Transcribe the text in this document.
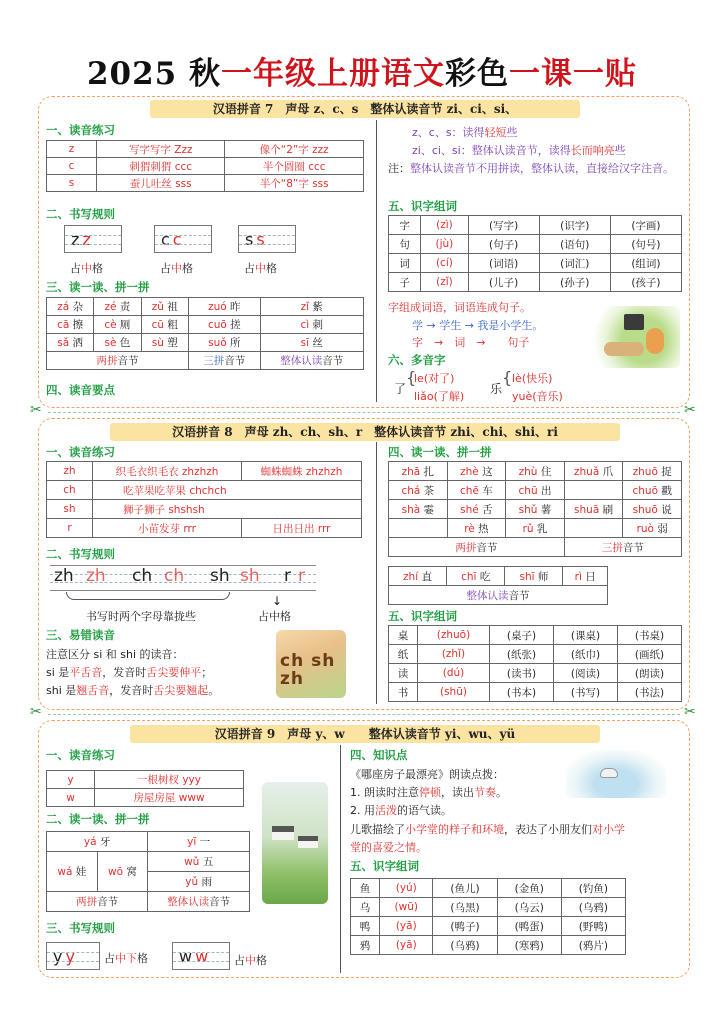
2025 秋一年级上册语文彩色一课一贴
汉语拼音 7　声母 z、c、s　整体认读音节 zi、ci、si、
一、读音练习
z	写字写字 Zzz	像个“2”字 zzz
c	刺猬刺猬 ccc	半个圆圈 ccc
s	蚕儿吐丝 sss	半个“8”字 sss
二、书写规则
zz
占中格
cc
占中格
ss
占中格
三、读一读、拼一拼
zá 杂	zé 责	zǔ 祖	zuó 昨	zǐ 紫
cā 擦	cè 厕	cū 粗	cuō 搓	cì 刺
sǎ 洒	sè 色	sù 塑	suǒ 所	sī 丝
两拼音节			三拼音节	整体认读音节
四、读音要点
z、c、s：读得轻短些
zi、ci、si：整体认读音节，读得长而响亮些
注：整体认读音节不用拼读，整体认读，直接给汉字注音。
五、识字组词
字	(zì)	(写字)	(识字)	(字画)
句	(jù)	(句子)	(语句)	(句号)
词	(cí)	(词语)	(词汇)	(组词)
子	(zǐ)	(儿子)	(孙子)	(孩子)
字组成词语，词语连成句子。
学 → 学生 → 我是小学生。
字　→　词　→　　句子
六、多音字
了
{
le(对了)
liǎo(了解)
乐
{ lè(快乐)
yuè(音乐)
✂	✂
汉语拼音 8　声母 zh、ch、sh、r　整体认读音节 zhi、chi、shi、ri
一、读音练习
zh	织毛衣织毛衣 zhzhzh	蜘蛛蜘蛛 zhzhzh
ch	吃苹果吃苹果 chchch	
sh	狮子狮子 shshsh	
r	小苗发芽 rrr	日出日出 rrr
二、书写规则
zh zh ch ch sh sh r r
书写时两个字母靠拢些
↓
占中格
三、易错读音
注意区分 si 和 shi 的读音：
si 是平舌音，发音时舌尖要伸平；
shi 是翘舌音，发音时舌尖要翘起。
ch sh zh
四、读一读、拼一拼
zhā 扎	zhè 这	zhù 住	zhuǎ 爪	zhuō 捉
chá 茶	chē 车	chū 出		chuō 戳
shà 霎	shé 舌	shǔ 薯	shuā 刷	shuō 说
	rè 热	rǔ 乳		ruò 弱
两拼音节			三拼音节	
zhí 直	chī 吃	shī 师	rì 日
整体认读音节
五、识字组词
桌	(zhuō)	(桌子)	(课桌)	(书桌)
纸	(zhǐ)	(纸张)	(纸巾)	(画纸)
读	(dú)	(读书)	(阅读)	(朗读)
书	(shū)	(书本)	(书写)	(书法)
✂	✂
汉语拼音 9　声母 y、w　　整体认读音节 yi、wu、yü
一、读音练习
y	一根树杈 yyy
w	房屋房屋 www
二、读一读、拼一拼
yá 牙		yī 一
wá 娃	wō 窝	wǔ 五
		yǔ 雨
两拼音节		整体认读音节
三、书写规则
yy	占中下格	ww	占中格
四、知识点
《哪座房子最漂亮》朗读点拨：
1. 朗读时注意停顿，读出节奏。
2. 用活泼的语气读。
儿歌描绘了小学堂的样子和环境，表达了小朋友们对小学
堂的喜爱之情。
五、识字组词
鱼	(yú)	(鱼儿)	(金鱼)	(钓鱼)
乌	(wū)	(乌黑)	(乌云)	(乌鸦)
鸭	(yā)	(鸭子)	(鸭蛋)	(野鸭)
鸦	(yā)	(乌鸦)	(寒鸦)	(鸦片)
